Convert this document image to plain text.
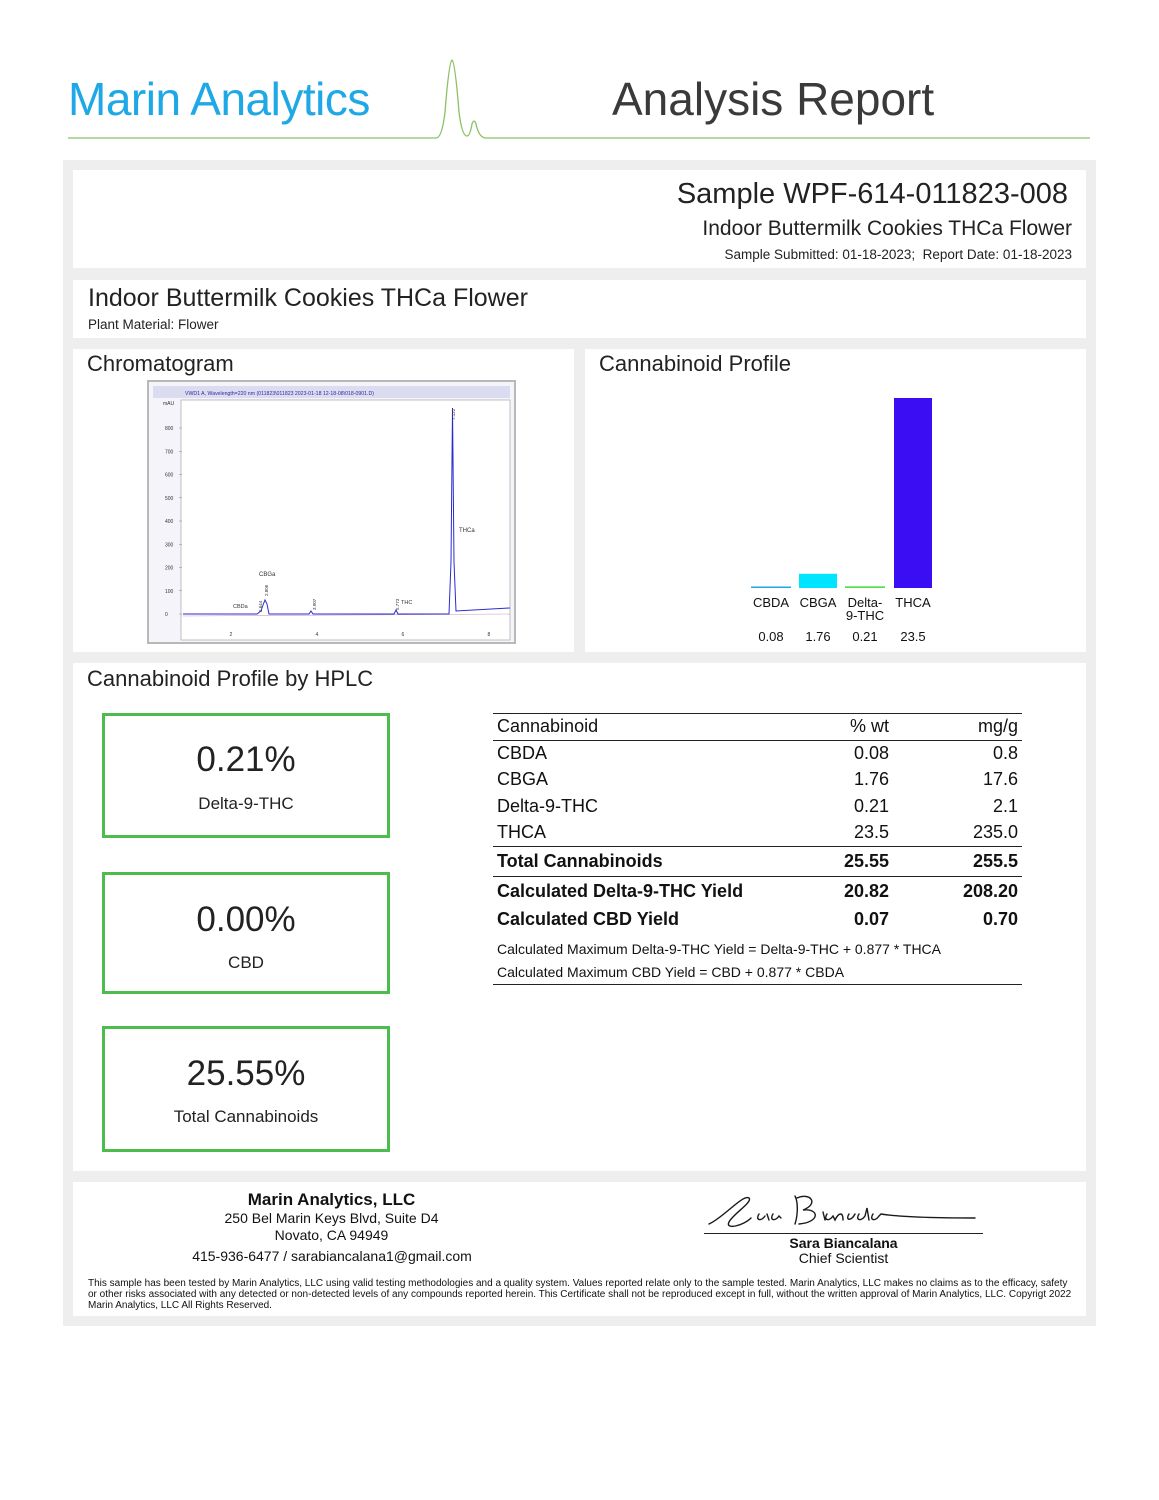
Marin Analytics	Analysis Report
Sample WPF-614-011823-008
Indoor Buttermilk Cookies THCa Flower
Sample Submitted: 01-18-2023;  Report Date: 01-18-2023
Indoor Buttermilk Cookies THCa Flower
Plant Material: Flower
Chromatogram
VWD1 A, Wavelength=220 nm (011823\011823 2023-01-18 12-18-08\018-0901.D)
mAU
800
700
600
500
400
300
200
100
0
2	4	6	8
CBDa
CBGa
THC
THCa
2.644
2.806
3.907	5.773
7.122
Cannabinoid Profile
CBDA
0.08
CBGA
1.76
Delta-
9-THC
0.21
THCA
23.5
Cannabinoid Profile by HPLC
0.21%
Delta-9-THC
0.00%
CBD
25.55%
Total Cannabinoids
Cannabinoid	% wt	mg/g
CBDA	0.08	0.8
CBGA	1.76	17.6
Delta-9-THC	0.21	2.1
THCA	23.5	235.0
Total Cannabinoids	25.55	255.5
Calculated Delta-9-THC Yield	20.82	208.20
Calculated CBD Yield	0.07	0.70
Calculated Maximum Delta-9-THC Yield = Delta-9-THC + 0.877 * THCA		
Calculated Maximum CBD Yield = CBD + 0.877 * CBDA		
Marin Analytics, LLC
250 Bel Marin Keys Blvd, Suite D4
Novato, CA 94949
415-936-6477 / sarabiancalana1@gmail.com
Sara Biancalana
Chief Scientist
This sample has been tested by Marin Analytics, LLC using valid testing methodologies and a quality system. Values reported relate only to the sample tested. Marin Analytics, LLC makes no claims as to the efficacy, safety or other risks associated with any detected or non-detected levels of any compounds reported herein. This Certificate shall not be reproduced except in full, without the written approval of Marin Analytics, LLC. Copyrigt 2022 Marin Analytics, LLC All Rights Reserved.
